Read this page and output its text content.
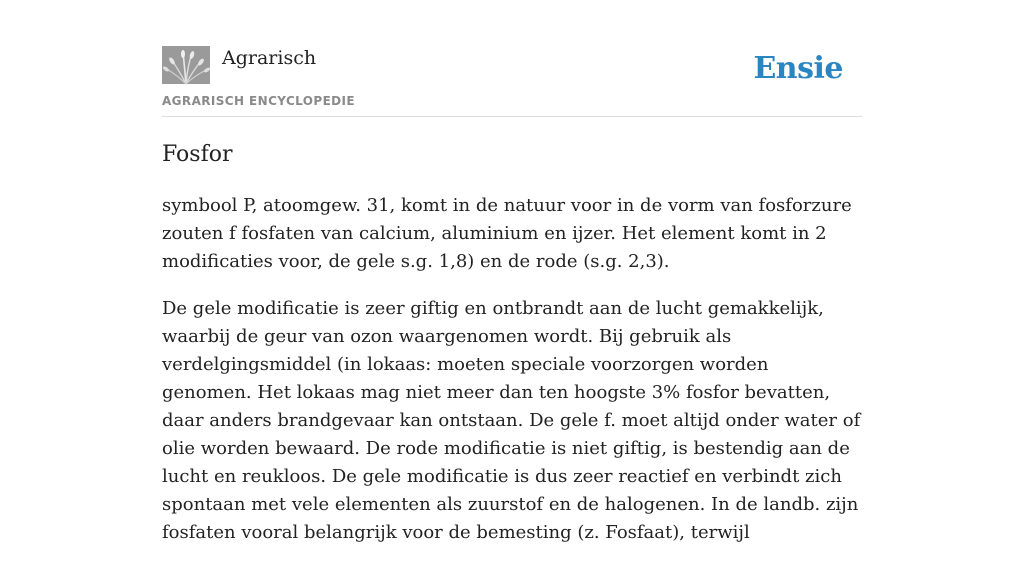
Agrarisch
AGRARISCH ENCYCLOPEDIE
Ensie
Fosfor

symbool P, atoomgew. 31, komt in de natuur voor in de vorm van fosforzure zouten f fosfaten van calcium, aluminium en ijzer. Het element komt in 2 modificaties voor, de gele s.g. 1,8) en de rode (s.g. 2,3).

De gele modificatie is zeer giftig en ontbrandt aan de lucht gemakkelijk, waarbij de geur van ozon waargenomen wordt. Bij gebruik als verdelgingsmiddel (in lokaas: moeten speciale voorzorgen worden genomen. Het lokaas mag niet meer dan ten hoogste 3% fosfor bevatten, daar anders brandgevaar kan ontstaan. De gele f. moet altijd onder water of olie worden bewaard. De rode modificatie is niet giftig, is bestendig aan de lucht en reukloos. De gele modificatie is dus zeer reactief en verbindt zich spontaan met vele elementen als zuurstof en de halogenen. In de landb. zijn fosfaten vooral belangrijk voor de bemesting (z. Fosfaat), terwijl
